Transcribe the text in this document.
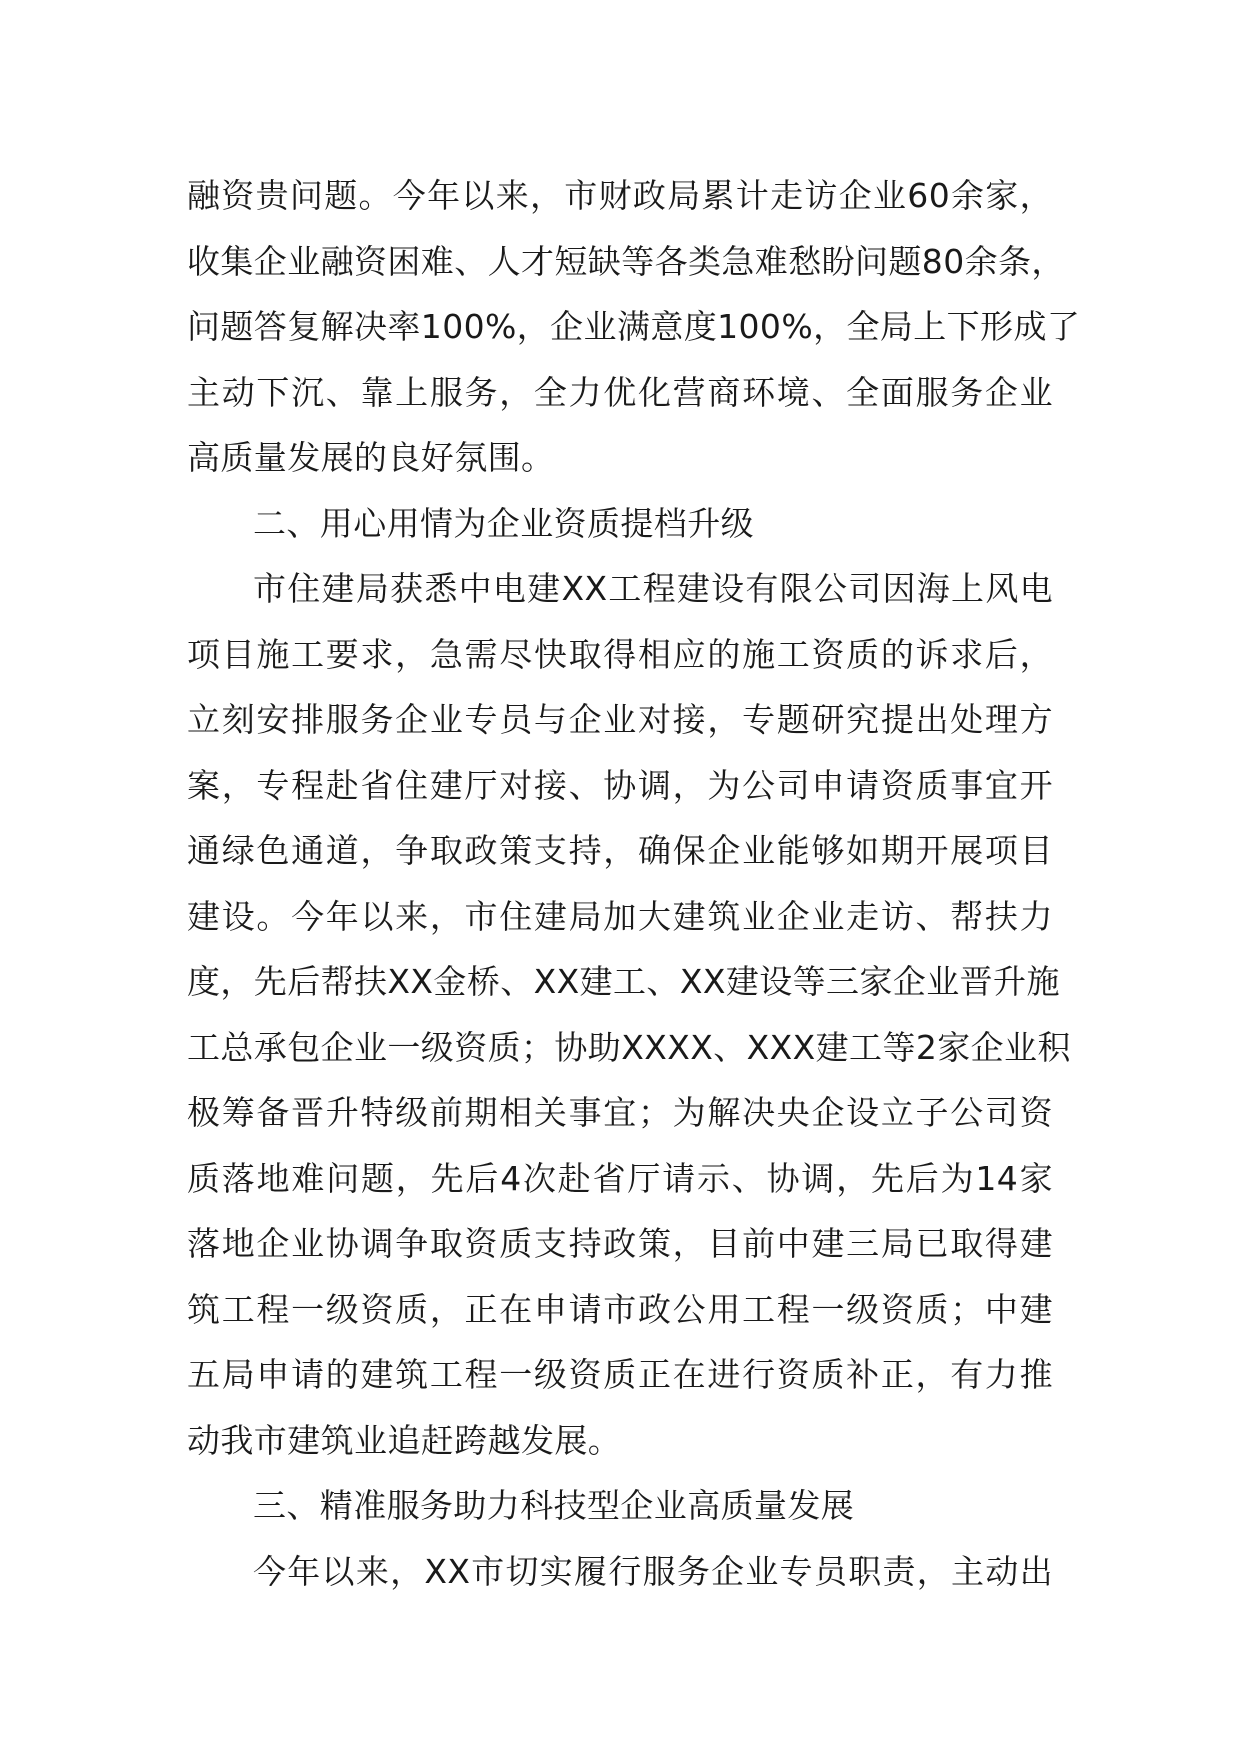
融资贵问题。今年以来，市财政局累计走访企业60余家，
收集企业融资困难、人才短缺等各类急难愁盼问题80余条，
问题答复解决率100%，企业满意度100%，全局上下形成了
主动下沉、靠上服务，全力优化营商环境、全面服务企业
高质量发展的良好氛围。
二、用心用情为企业资质提档升级
市住建局获悉中电建XX工程建设有限公司因海上风电
项目施工要求，急需尽快取得相应的施工资质的诉求后，
立刻安排服务企业专员与企业对接，专题研究提出处理方
案，专程赴省住建厅对接、协调，为公司申请资质事宜开
通绿色通道，争取政策支持，确保企业能够如期开展项目
建设。今年以来，市住建局加大建筑业企业走访、帮扶力
度，先后帮扶XX金桥、XX建工、XX建设等三家企业晋升施
工总承包企业一级资质；协助XXXX、XXX建工等2家企业积
极筹备晋升特级前期相关事宜；为解决央企设立子公司资
质落地难问题，先后4次赴省厅请示、协调，先后为14家
落地企业协调争取资质支持政策，目前中建三局已取得建
筑工程一级资质，正在申请市政公用工程一级资质；中建
五局申请的建筑工程一级资质正在进行资质补正，有力推
动我市建筑业追赶跨越发展。
三、精准服务助力科技型企业高质量发展
今年以来，XX市切实履行服务企业专员职责，主动出
